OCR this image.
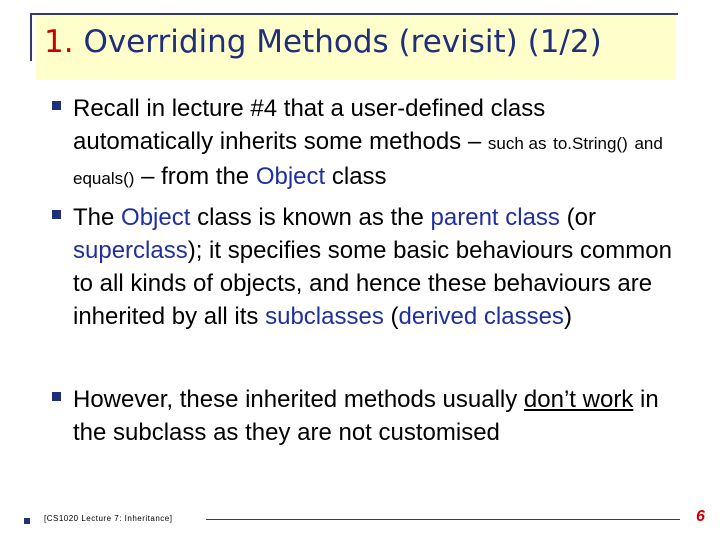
1. Overriding Methods (revisit) (1/2)
Recall in lecture #4 that a user-defined class automatically inherits some methods – such as to.String() and equals() – from the Object class
The Object class is known as the parent class (or superclass); it specifies some basic behaviours common to all kinds of objects, and hence these behaviours are inherited by all its subclasses (derived classes)
However, these inherited methods usually don’t work in the subclass as they are not customised
[CS1020 Lecture 7: Inheritance]	6
